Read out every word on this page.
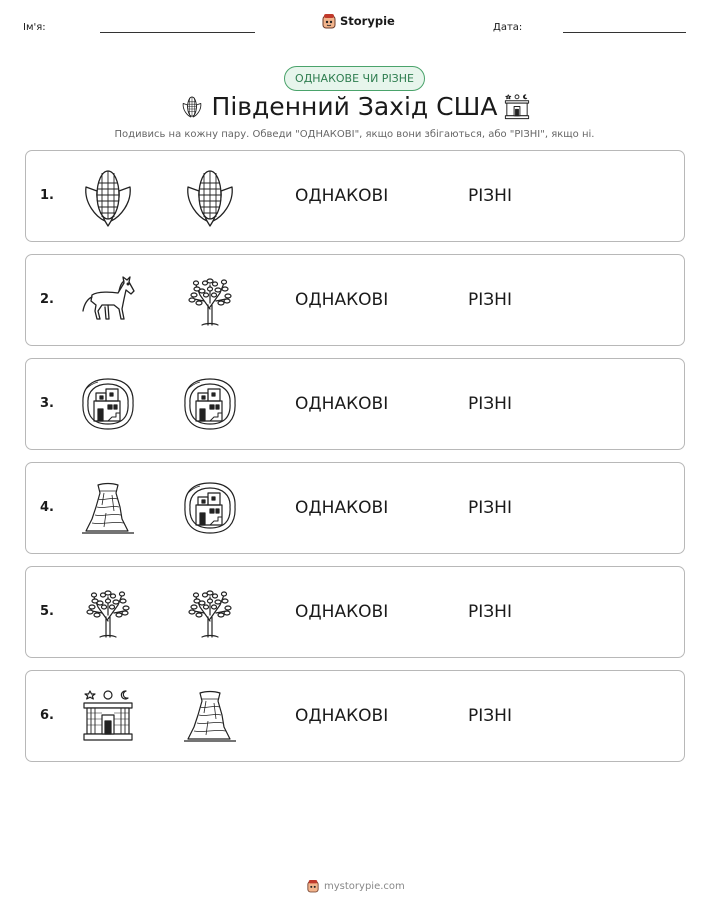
Ім'я:	Storypie	Дата:
ОДНАКОВЕ ЧИ РІЗНЕ
Південний Захід США

Подивись на кожну пару. Обведи "ОДНАКОВІ", якщо вони збігаються, або "РІЗНІ", якщо ні.

1.	ОДНАКОВІ	РІЗНІ
2.	ОДНАКОВІ	РІЗНІ
3.	ОДНАКОВІ	РІЗНІ
4.	ОДНАКОВІ	РІЗНІ
5.	ОДНАКОВІ	РІЗНІ
6.	ОДНАКОВІ	РІЗНІ
mystorypie.com
